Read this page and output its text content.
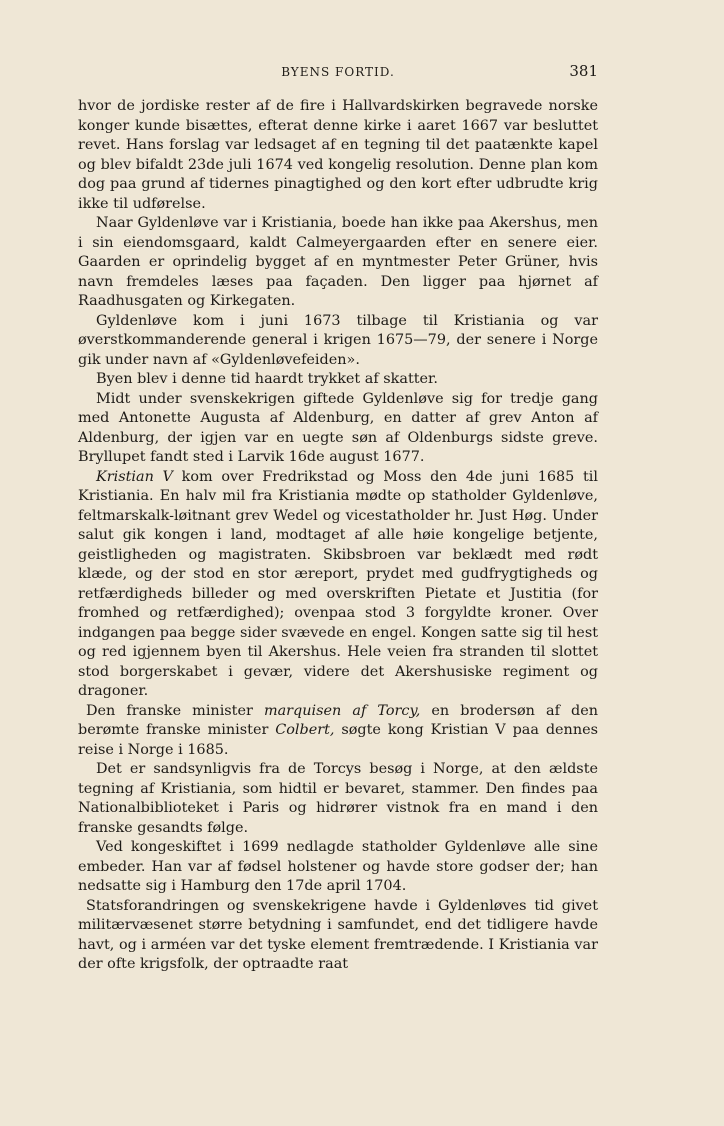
BYENS FORTID.	381

hvor de jordiske rester af de fire i Hallvardskirken begravede norske konger kunde bisættes, efterat denne kirke i aaret 1667 var besluttet revet. Hans forslag var ledsaget af en tegning til det paatænkte kapel og blev bifaldt 23de juli 1674 ved kongelig resolution. Denne plan kom dog paa grund af tidernes pinagtighed og den kort efter udbrudte krig ikke til udførelse.

Naar Gyldenløve var i Kristiania, boede han ikke paa Akershus, men i sin eiendomsgaard, kaldt Calmeyergaarden efter en senere eier. Gaarden er oprindelig bygget af en myntmester Peter Grüner, hvis navn fremdeles læses paa façaden. Den ligger paa hjørnet af Raadhusgaten og Kirkegaten.

Gyldenløve kom i juni 1673 tilbage til Kristiania og var øverstkommanderende general i krigen 1675—79, der senere i Norge gik under navn af «Gyldenløvefeiden».

Byen blev i denne tid haardt trykket af skatter.

Midt under svenskekrigen giftede Gyldenløve sig for tredje gang med Antonette Augusta af Aldenburg, en datter af grev Anton af Aldenburg, der igjen var en uegte søn af Oldenburgs sidste greve. Bryllupet fandt sted i Larvik 16de august 1677.

Kristian V kom over Fredrikstad og Moss den 4de juni 1685 til Kristiania. En halv mil fra Kristiania mødte op statholder Gyldenløve, feltmarskalk-løitnant grev Wedel og vicestatholder hr. Just Høg. Under salut gik kongen i land, modtaget af alle høie kongelige betjente, geistligheden og magistraten. Skibsbroen var beklædt med rødt klæde, og der stod en stor æreport, prydet med gudfrygtigheds og retfærdigheds billeder og med overskriften Pietate et Justitia (for fromhed og retfærdighed); ovenpaa stod 3 forgyldte kroner. Over indgangen paa begge sider svævede en engel. Kongen satte sig til hest og red igjennem byen til Akershus. Hele veien fra stranden til slottet stod borgerskabet i gevær, videre det Akershusiske regiment og dragoner.

Den franske minister marquisen af Torcy, en brodersøn af den berømte franske minister Colbert, søgte kong Kristian V paa dennes reise i Norge i 1685.

Det er sandsynligvis fra de Torcys besøg i Norge, at den ældste tegning af Kristiania, som hidtil er bevaret, stammer. Den findes paa Nationalbiblioteket i Paris og hidrører vistnok fra en mand i den franske gesandts følge.

Ved kongeskiftet i 1699 nedlagde statholder Gyldenløve alle sine embeder. Han var af fødsel holstener og havde store godser der; han nedsatte sig i Hamburg den 17de april 1704.

Statsforandringen og svenskekrigene havde i Gyldenløves tid givet militærvæsenet større betydning i samfundet, end det tidligere havde havt, og i arméen var det tyske element fremtrædende. I Kristiania var der ofte krigsfolk, der optraadte raat
